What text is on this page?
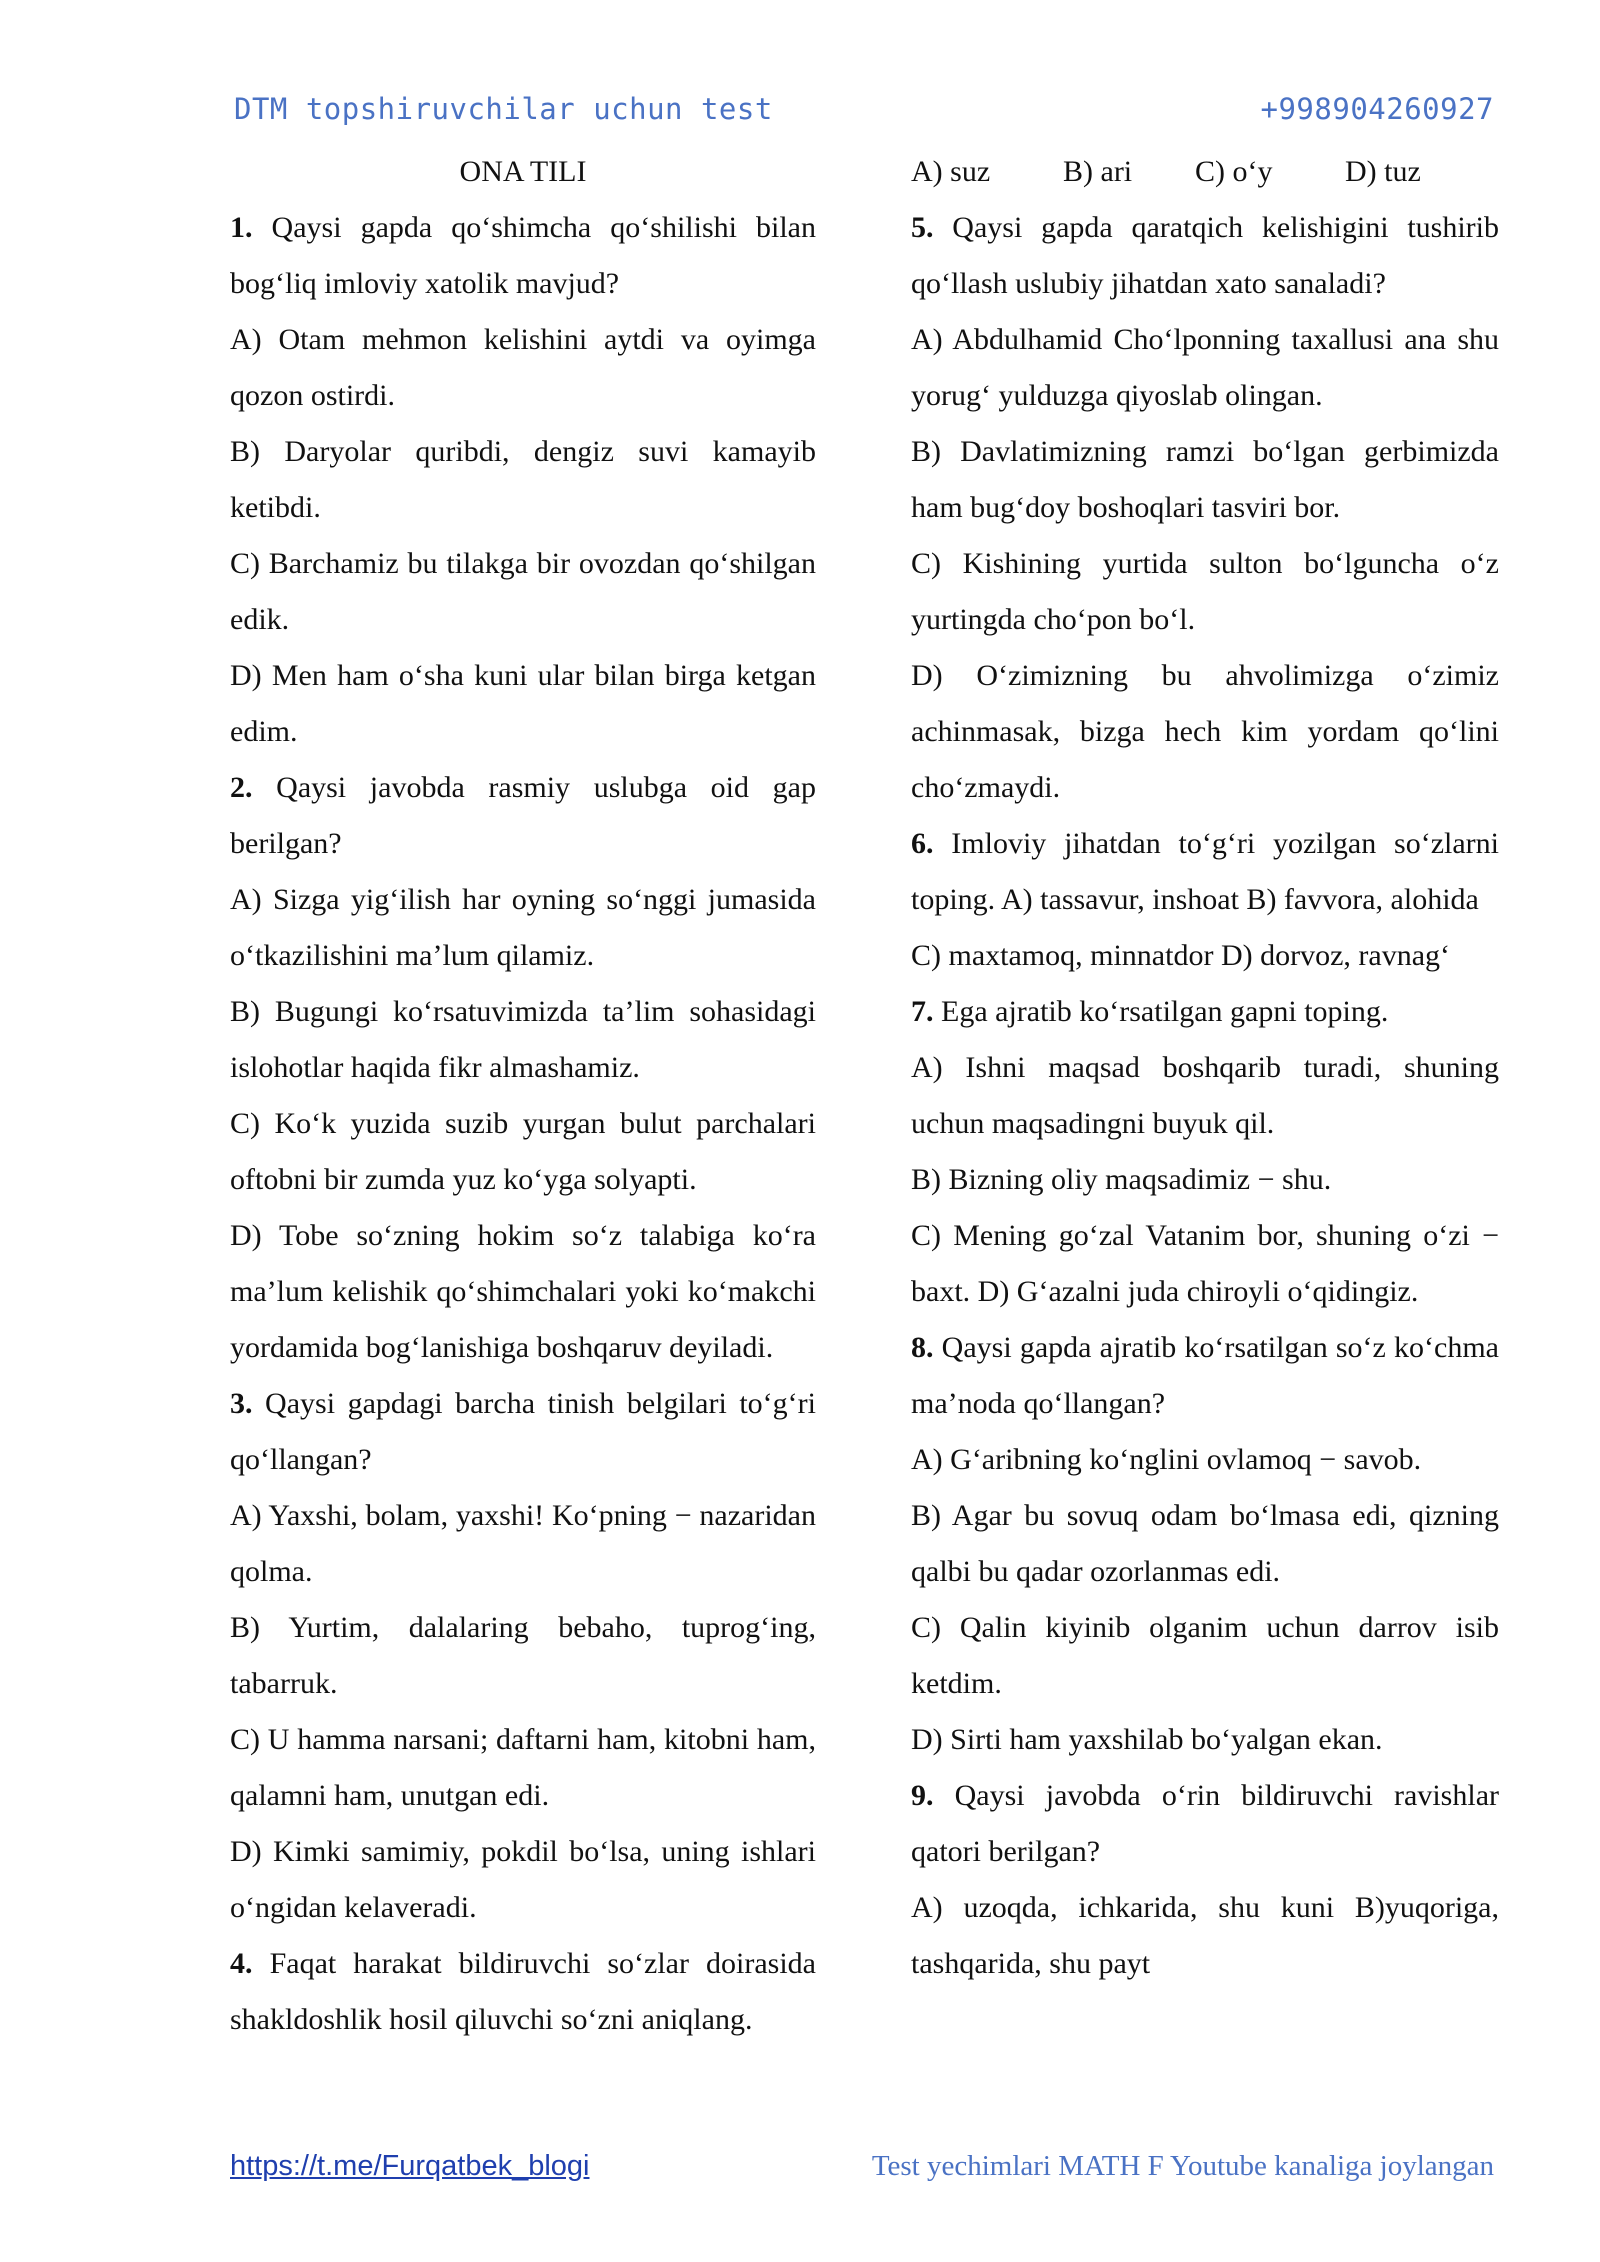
DTM topshiruvchilar uchun test	+998904260927

ONA TILI

1. Qaysi gapda qo‘shimcha qo‘shilishi bilan bog‘liq imloviy xatolik mavjud?

A) Otam mehmon kelishini aytdi va oyimga qozon ostirdi.

B) Daryolar quribdi, dengiz suvi kamayib ketibdi.

C) Barchamiz bu tilakga bir ovozdan qo‘shilgan edik.

D) Men ham o‘sha kuni ular bilan birga ketgan edim.

2. Qaysi javobda rasmiy uslubga oid gap berilgan?

A) Sizga yig‘ilish har oyning so‘nggi jumasida o‘tkazilishini ma’lum qilamiz.

B) Bugungi ko‘rsatuvimizda ta’lim sohasidagi islohotlar haqida fikr almashamiz.

C) Ko‘k yuzida suzib yurgan bulut parchalari oftobni bir zumda yuz ko‘yga solyapti.

D) Tobe so‘zning hokim so‘z talabiga ko‘ra ma’lum kelishik qo‘shimchalari yoki ko‘makchi yordamida bog‘lanishiga boshqaruv deyiladi.

3. Qaysi gapdagi barcha tinish belgilari to‘g‘ri qo‘llangan?

A) Yaxshi, bolam, yaxshi! Ko‘pning − nazaridan qolma.

B) Yurtim, dalalaring bebaho, tuprog‘ing, tabarruk.

C) U hamma narsani; daftarni ham, kitobni ham, qalamni ham, unutgan edi.

D) Kimki samimiy, pokdil bo‘lsa, uning ishlari o‘ngidan kelaveradi.

4. Faqat harakat bildiruvchi so‘zlar doirasida shakldoshlik hosil qiluvchi so‘zni aniqlang.

A) suz	B) ari	C) o‘y	D) tuz

5. Qaysi gapda qaratqich kelishigini tushirib qo‘llash uslubiy jihatdan xato sanaladi?

A) Abdulhamid Cho‘lponning taxallusi ana shu yorug‘ yulduzga qiyoslab olingan.

B) Davlatimizning ramzi bo‘lgan gerbimizda ham bug‘doy boshoqlari tasviri bor.

C) Kishining yurtida sulton bo‘lguncha o‘z yurtingda cho‘pon bo‘l.

D) O‘zimizning bu ahvolimizga o‘zimiz achinmasak, bizga hech kim yordam qo‘lini cho‘zmaydi.

6. Imloviy jihatdan to‘g‘ri yozilgan so‘zlarni toping. A) tassavur, inshoat B) favvora, alohida

C) maxtamoq, minnatdor D) dorvoz, ravnag‘

7. Ega ajratib ko‘rsatilgan gapni toping.

A) Ishni maqsad boshqarib turadi, shuning uchun maqsadingni buyuk qil.

B) Bizning oliy maqsadimiz − shu.

C) Mening go‘zal Vatanim bor, shuning o‘zi − baxt. D) G‘azalni juda chiroyli o‘qidingiz.

8. Qaysi gapda ajratib ko‘rsatilgan so‘z ko‘chma ma’noda qo‘llangan?

A) G‘aribning ko‘nglini ovlamoq − savob.

B) Agar bu sovuq odam bo‘lmasa edi, qizning qalbi bu qadar ozorlanmas edi.

C) Qalin kiyinib olganim uchun darrov isib ketdim.

D) Sirti ham yaxshilab bo‘yalgan ekan.

9. Qaysi javobda o‘rin bildiruvchi ravishlar qatori berilgan?

A) uzoqda, ichkarida, shu kuni B)yuqoriga, tashqarida, shu payt

https://t.me/Furqatbek_blogi	Test yechimlari MATH F Youtube kanaliga joylangan
